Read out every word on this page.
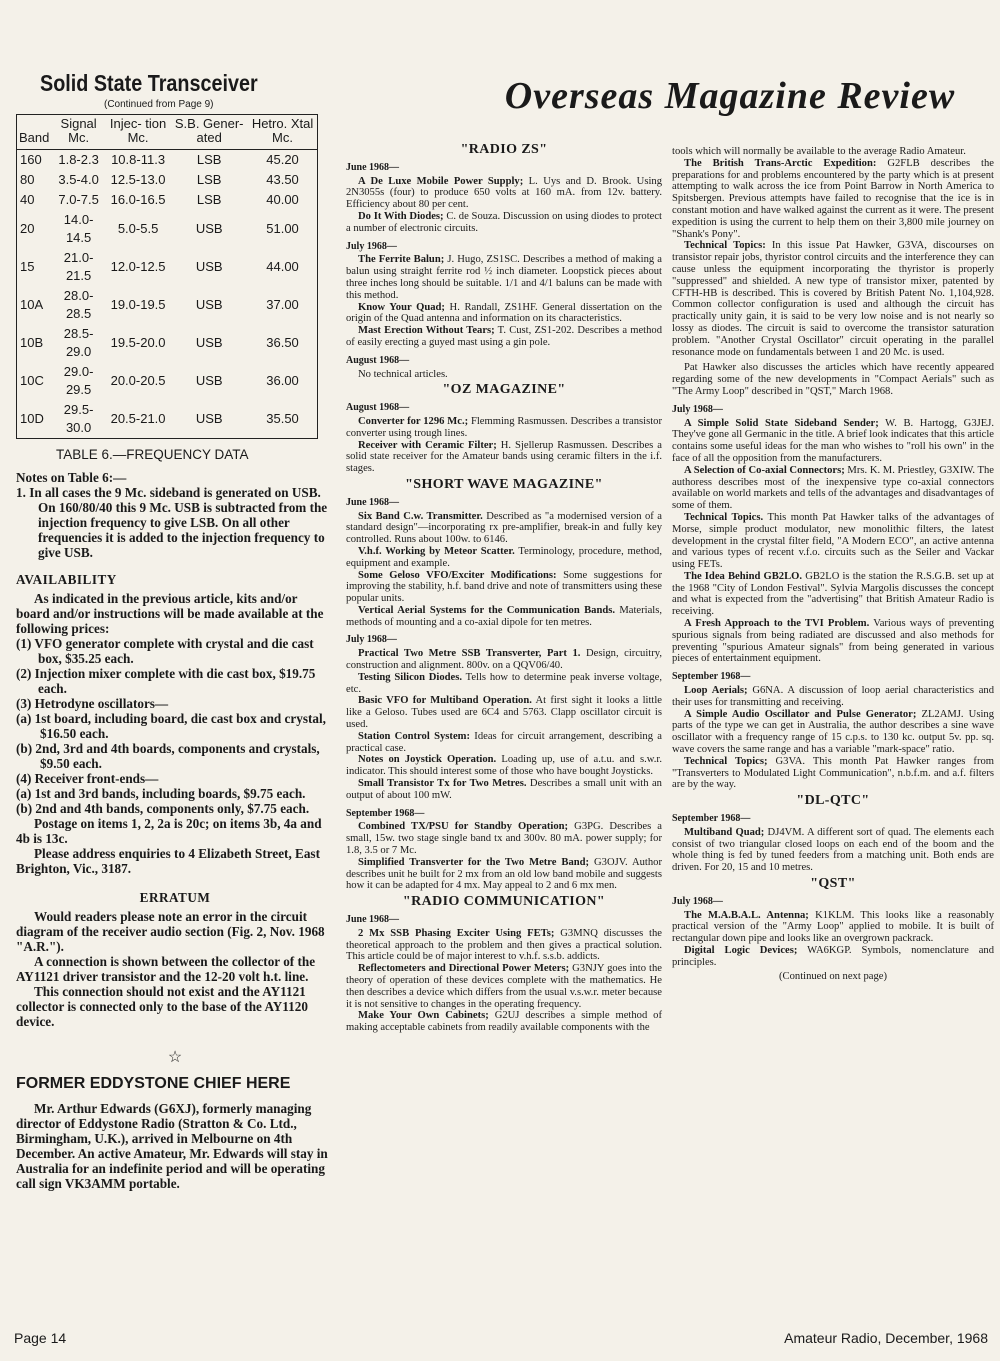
Solid State Transceiver
(Continued from Page 9)
Band	Signal Mc.	Injec- tion Mc.	S.B. Gener- ated	Hetro. Xtal Mc.
160	1.8-2.3	10.8-11.3	LSB	45.20
80	3.5-4.0	12.5-13.0	LSB	43.50
40	7.0-7.5	16.0-16.5	LSB	40.00
20	14.0-14.5	5.0-5.5	USB	51.00
15	21.0-21.5	12.0-12.5	USB	44.00
10A	28.0-28.5	19.0-19.5	USB	37.00
10B	28.5-29.0	19.5-20.0	USB	36.50
10C	29.0-29.5	20.0-20.5	USB	36.00
10D	29.5-30.0	20.5-21.0	USB	35.50
TABLE 6.—FREQUENCY DATA

Notes on Table 6:—

1. In all cases the 9 Mc. sideband is generated on USB. On 160/80/40 this 9 Mc. USB is subtracted from the injection frequency to give LSB. On all other frequencies it is added to the injection frequency to give USB.

AVAILABILITY

As indicated in the previous article, kits and/or board and/or instructions will be made available at the following prices:

(1) VFO generator complete with crystal and die cast box, $35.25 each.

(2) Injection mixer complete with die cast box, $19.75 each.

(3) Hetrodyne oscillators—

(a) 1st board, including board, die cast box and crystal, $16.50 each.

(b) 2nd, 3rd and 4th boards, components and crystals, $9.50 each.

(4) Receiver front-ends—

(a) 1st and 3rd bands, including boards, $9.75 each.

(b) 2nd and 4th bands, components only, $7.75 each.

Postage on items 1, 2, 2a is 20c; on items 3b, 4a and 4b is 13c.

Please address enquiries to 4 Elizabeth Street, East Brighton, Vic., 3187.

ERRATUM

Would readers please note an error in the circuit diagram of the receiver audio section (Fig. 2, Nov. 1968 "A.R.").

A connection is shown between the collector of the AY1121 driver transistor and the 12-20 volt h.t. line.

This connection should not exist and the AY1121 collector is connected only to the base of the AY1120 device.

☆
FORMER EDDYSTONE CHIEF HERE

Mr. Arthur Edwards (G6XJ), formerly managing director of Eddystone Radio (Stratton & Co. Ltd., Birmingham, U.K.), arrived in Melbourne on 4th December. An active Amateur, Mr. Edwards will stay in Australia for an indefinite period and will be operating call sign VK3AMM portable.

Overseas Magazine Review
"RADIO ZS"
June 1968—

A De Luxe Mobile Power Supply; L. Uys and D. Brook. Using 2N3055s (four) to produce 650 volts at 160 mA. from 12v. battery. Efficiency about 80 per cent.

Do It With Diodes; C. de Souza. Discussion on using diodes to protect a number of electronic circuits.

July 1968—

The Ferrite Balun; J. Hugo, ZS1SC. Describes a method of making a balun using straight ferrite rod ½ inch diameter. Loopstick pieces about three inches long should be suitable. 1/1 and 4/1 baluns can be made with this method.

Know Your Quad; H. Randall, ZS1HF. General dissertation on the origin of the Quad antenna and information on its characteristics.

Mast Erection Without Tears; T. Cust, ZS1-202. Describes a method of easily erecting a guyed mast using a gin pole.

August 1968—

No technical articles.

"OZ MAGAZINE"
August 1968—

Converter for 1296 Mc.; Flemming Rasmussen. Describes a transistor converter using trough lines.

Receiver with Ceramic Filter; H. Sjellerup Rasmussen. Describes a solid state receiver for the Amateur bands using ceramic filters in the i.f. stages.

"SHORT WAVE MAGAZINE"
June 1968—

Six Band C.w. Transmitter. Described as "a modernised version of a standard design"—incorporating rx pre-amplifier, break-in and fully key controlled. Runs about 100w. to 6146.

V.h.f. Working by Meteor Scatter. Terminology, procedure, method, equipment and example.

Some Geloso VFO/Exciter Modifications: Some suggestions for improving the stability, h.f. band drive and note of transmitters using these popular units.

Vertical Aerial Systems for the Communication Bands. Materials, methods of mounting and a co-axial dipole for ten metres.

July 1968—

Practical Two Metre SSB Transverter, Part 1. Design, circuitry, construction and alignment. 800v. on a QQV06/40.

Testing Silicon Diodes. Tells how to determine peak inverse voltage, etc.

Basic VFO for Multiband Operation. At first sight it looks a little like a Geloso. Tubes used are 6C4 and 5763. Clapp oscillator circuit is used.

Station Control System: Ideas for circuit arrangement, describing a practical case.

Notes on Joystick Operation. Loading up, use of a.t.u. and s.w.r. indicator. This should interest some of those who have bought Joysticks.

Small Transistor Tx for Two Metres. Describes a small unit with an output of about 100 mW.

September 1968—

Combined TX/PSU for Standby Operation; G3PG. Describes a small, 15w. two stage single band tx and 300v. 80 mA. power supply; for 1.8, 3.5 or 7 Mc.

Simplified Transverter for the Two Metre Band; G3OJV. Author describes unit he built for 2 mx from an old low band mobile and suggests how it can be adapted for 4 mx. May appeal to 2 and 6 mx men.

"RADIO COMMUNICATION"
June 1968—

2 Mx SSB Phasing Exciter Using FETs; G3MNQ discusses the theoretical approach to the problem and then gives a practical solution. This article could be of major interest to v.h.f. s.s.b. addicts.

Reflectometers and Directional Power Meters; G3NJY goes into the theory of operation of these devices complete with the mathematics. He then describes a device which differs from the usual v.s.w.r. meter because it is not sensitive to changes in the operating frequency.

Make Your Own Cabinets; G2UJ describes a simple method of making acceptable cabinets from readily available components with the

tools which will normally be available to the average Radio Amateur.

The British Trans-Arctic Expedition: G2FLB describes the preparations for and problems encountered by the party which is at present attempting to walk across the ice from Point Barrow in North America to Spitsbergen. Previous attempts have failed to recognise that the ice is in constant motion and have walked against the current as it were. The present expedition is using the current to help them on their 3,800 mile journey on "Shank's Pony".

Technical Topics: In this issue Pat Hawker, G3VA, discourses on transistor repair jobs, thyristor control circuits and the interference they can cause unless the equipment incorporating the thyristor is properly "suppressed" and shielded. A new type of transistor mixer, patented by CFTH-HB is described. This is covered by British Patent No. 1,104,928. Common collector configuration is used and although the circuit has practically unity gain, it is said to be very low noise and is not nearly so lossy as diodes. The circuit is said to overcome the transistor saturation problem. "Another Crystal Oscillator" circuit operating in the parallel resonance mode on fundamentals between 1 and 20 Mc. is used.

Pat Hawker also discusses the articles which have recently appeared regarding some of the new developments in "Compact Aerials" such as "The Army Loop" described in "QST," March 1968.

July 1968—

A Simple Solid State Sideband Sender; W. B. Hartogg, G3JEJ. They've gone all Germanic in the title. A brief look indicates that this article contains some useful ideas for the man who wishes to "roll his own" in the face of all the opposition from the manufacturers.

A Selection of Co-axial Connectors; Mrs. K. M. Priestley, G3XIW. The authoress describes most of the inexpensive type co-axial connectors available on world markets and tells of the advantages and disadvantages of some of them.

Technical Topics. This month Pat Hawker talks of the advantages of Morse, simple product modulator, new monolithic filters, the latest development in the crystal filter field, "A Modern ECO", an active antenna and various types of recent v.f.o. circuits such as the Seiler and Vackar using FETs.

The Idea Behind GB2LO. GB2LO is the station the R.S.G.B. set up at the 1968 "City of London Festival". Sylvia Margolis discusses the concept and what is expected from the "advertising" that British Amateur Radio is receiving.

A Fresh Approach to the TVI Problem. Various ways of preventing spurious signals from being radiated are discussed and also methods for preventing "spurious Amateur signals" from being generated in various pieces of entertainment equipment.

September 1968—

Loop Aerials; G6NA. A discussion of loop aerial characteristics and their uses for transmitting and receiving.

A Simple Audio Oscillator and Pulse Generator; ZL2AMJ. Using parts of the type we can get in Australia, the author describes a sine wave oscillator with a frequency range of 15 c.p.s. to 130 kc. output 5v. pp. sq. wave covers the same range and has a variable "mark-space" ratio.

Technical Topics; G3VA. This month Pat Hawker ranges from "Transverters to Modulated Light Communication", n.b.f.m. and a.f. filters are by the way.

"DL-QTC"
September 1968—

Multiband Quad; DJ4VM. A different sort of quad. The elements each consist of two triangular closed loops on each end of the boom and the whole thing is fed by tuned feeders from a matching unit. Both ends are driven. For 20, 15 and 10 metres.

"QST"
July 1968—

The M.A.B.A.L. Antenna; K1KLM. This looks like a reasonably practical version of the "Army Loop" applied to mobile. It is built of rectangular down pipe and looks like an overgrown packrack.

Digital Logic Devices; WA6KGP. Symbols, nomenclature and principles.

(Continued on next page)
Page 14	Amateur Radio, December, 1968
